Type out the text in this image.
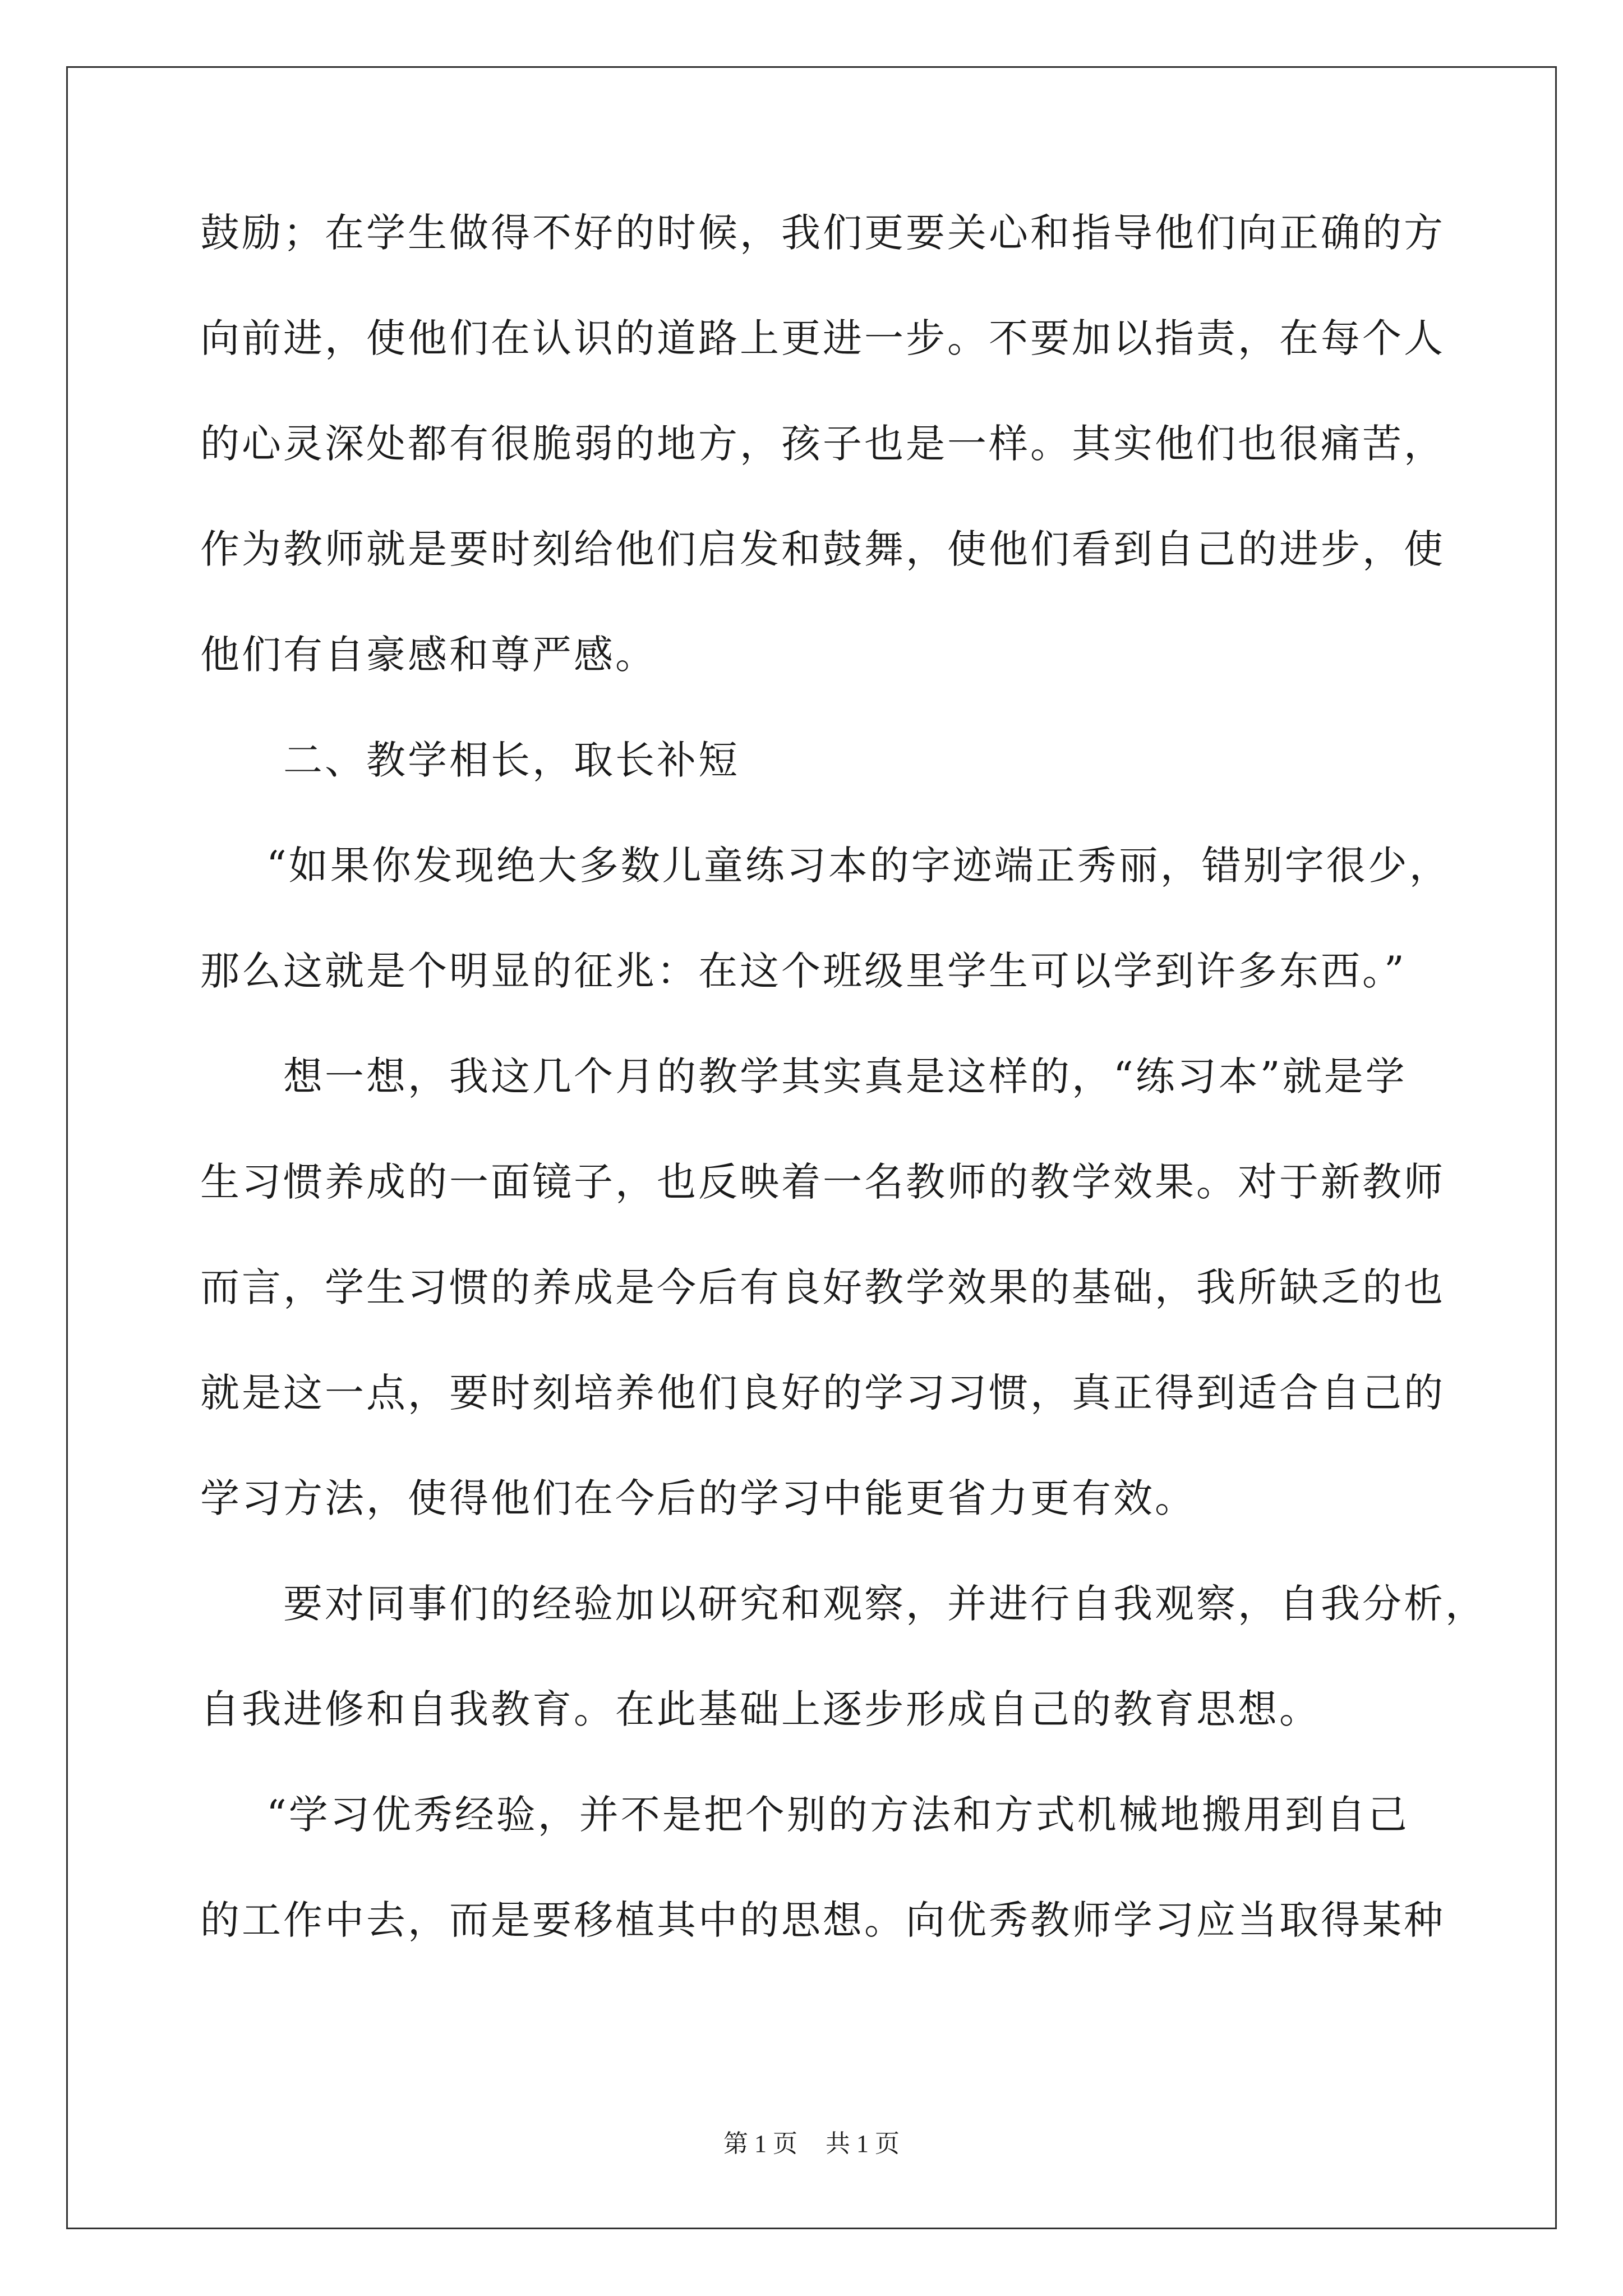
鼓励；在学生做得不好的时候，我们更要关心和指导他们向正确的方
向前进，使他们在认识的道路上更进一步。不要加以指责，在每个人
的心灵深处都有很脆弱的地方，孩子也是一样。其实他们也很痛苦，
作为教师就是要时刻给他们启发和鼓舞，使他们看到自己的进步，使
他们有自豪感和尊严感。
二、教学相长，取长补短
“如果你发现绝大多数儿童练习本的字迹端正秀丽，错别字很少，
那么这就是个明显的征兆：在这个班级里学生可以学到许多东西。”
想一想，我这几个月的教学其实真是这样的，“练习本”就是学
生习惯养成的一面镜子，也反映着一名教师的教学效果。对于新教师
而言，学生习惯的养成是今后有良好教学效果的基础，我所缺乏的也
就是这一点，要时刻培养他们良好的学习习惯，真正得到适合自己的
学习方法，使得他们在今后的学习中能更省力更有效。
要对同事们的经验加以研究和观察，并进行自我观察，自我分析，
自我进修和自我教育。在此基础上逐步形成自己的教育思想。
“学习优秀经验，并不是把个别的方法和方式机械地搬用到自己
的工作中去，而是要移植其中的思想。向优秀教师学习应当取得某种
第 1 页 共 1 页
